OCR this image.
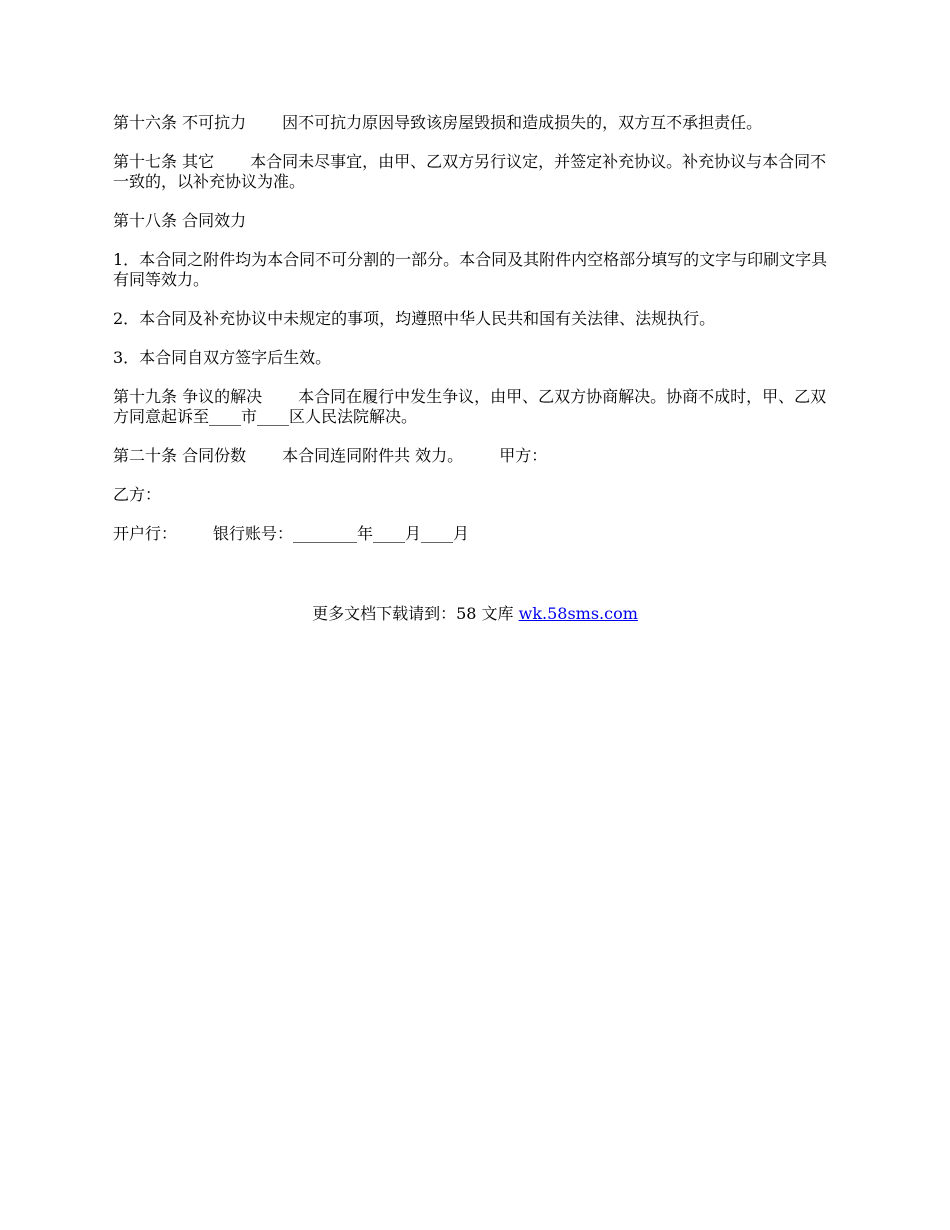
第十六条 不可抗力 因不可抗力原因导致该房屋毁损和造成损失的，双方互不承担责任。

第十七条 其它 本合同未尽事宜，由甲、乙双方另行议定，并签定补充协议。补充协议与本合同不一致的，以补充协议为准。

第十八条 合同效力

1．本合同之附件均为本合同不可分割的一部分。本合同及其附件内空格部分填写的文字与印刷文字具有同等效力。

2．本合同及补充协议中未规定的事项，均遵照中华人民共和国有关法律、法规执行。

3．本合同自双方签字后生效。

第十九条 争议的解决 本合同在履行中发生争议，由甲、乙双方协商解决。协商不成时，甲、乙双方同意起诉至____市____区人民法院解决。

第二十条 合同份数 本合同连同附件共 效力。 甲方：

乙方：

开户行： 银行账号：________年____月____月

更多文档下载请到：58 文库 wk.58sms.com
